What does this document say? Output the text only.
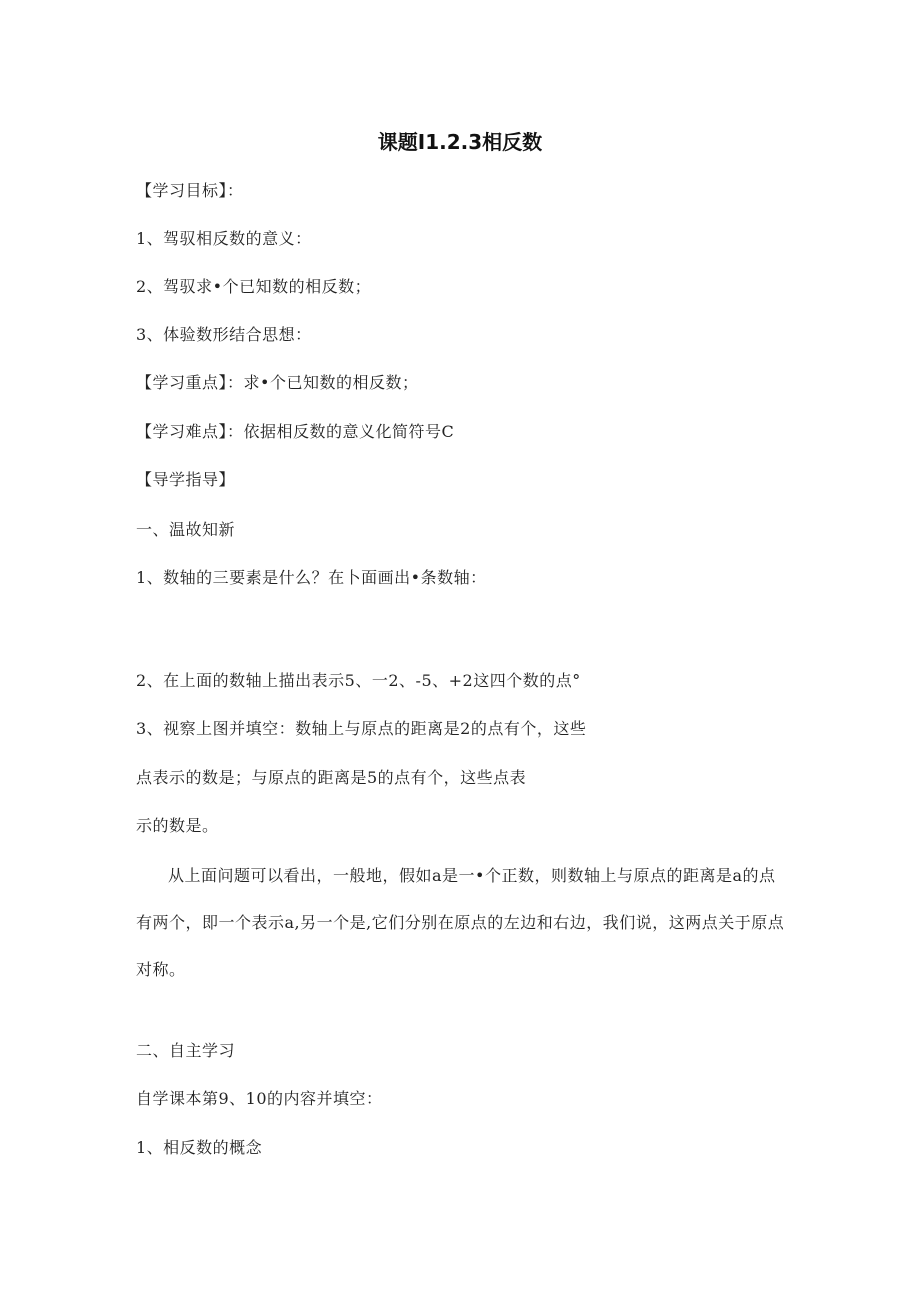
课题I1.2.3相反数
【学习目标】：
1、驾驭相反数的意义：
2、驾驭求•个已知数的相反数；
3、体验数形结合思想：
【学习重点】：求•个已知数的相反数；
【学习难点】：依据相反数的意义化简符号C
【导学指导】
一、温故知新
1、数轴的三要素是什么？在卜面画出•条数轴：
2、在上面的数轴上描出表示5、一2、-5、+2这四个数的点°
3、视察上图并填空：数轴上与原点的距离是2的点有个，这些
点表示的数是；与原点的距离是5的点有个，这些点表
示的数是。
从上面问题可以看出，一般地，假如a是一•个正数，则数轴上与原点的距离是a的点有两个，即一个表示a,另一个是,它们分别在原点的左边和右边，我们说，这两点关于原点对称。
二、自主学习
自学课本第9、10的内容并填空：
1、相反数的概念
